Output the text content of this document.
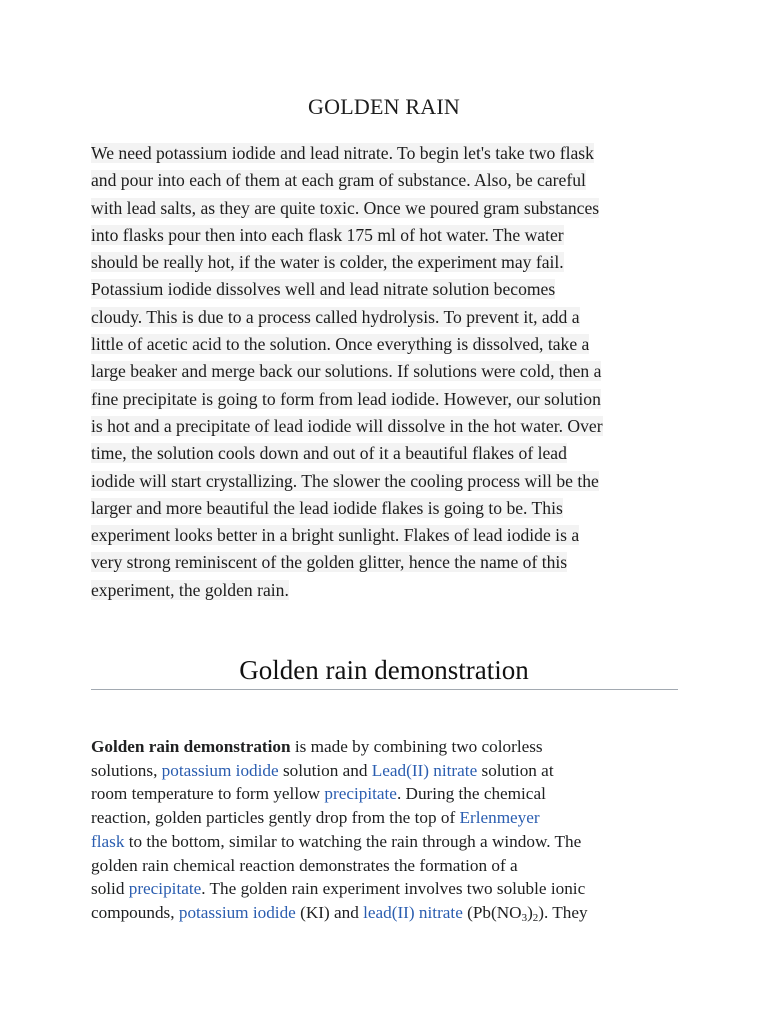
GOLDEN RAIN
We need potassium iodide and lead nitrate. To begin let's take two flask
and pour into each of them at each gram of substance. Also, be careful
with lead salts, as they are quite toxic. Once we poured gram substances
into flasks pour then into each flask 175 ml of hot water. The water
should be really hot, if the water is colder, the experiment may fail.
Potassium iodide dissolves well and lead nitrate solution becomes
cloudy. This is due to a process called hydrolysis. To prevent it, add a
little of acetic acid to the solution. Once everything is dissolved, take a
large beaker and merge back our solutions. If solutions were cold, then a
fine precipitate is going to form from lead iodide. However, our solution
is hot and a precipitate of lead iodide will dissolve in the hot water. Over
time, the solution cools down and out of it a beautiful flakes of lead
iodide will start crystallizing. The slower the cooling process will be the
larger and more beautiful the lead iodide flakes is going to be. This
experiment looks better in a bright sunlight. Flakes of lead iodide is a
very strong reminiscent of the golden glitter, hence the name of this
experiment, the golden rain.
Golden rain demonstration
Golden rain demonstration is made by combining two colorless
solutions, potassium iodide solution and Lead(II) nitrate solution at
room temperature to form yellow precipitate. During the chemical
reaction, golden particles gently drop from the top of Erlenmeyer
flask to the bottom, similar to watching the rain through a window. The
golden rain chemical reaction demonstrates the formation of a
solid precipitate. The golden rain experiment involves two soluble ionic
compounds, potassium iodide (KI) and lead(II) nitrate $(Pb(NO_3)_2)$. They
